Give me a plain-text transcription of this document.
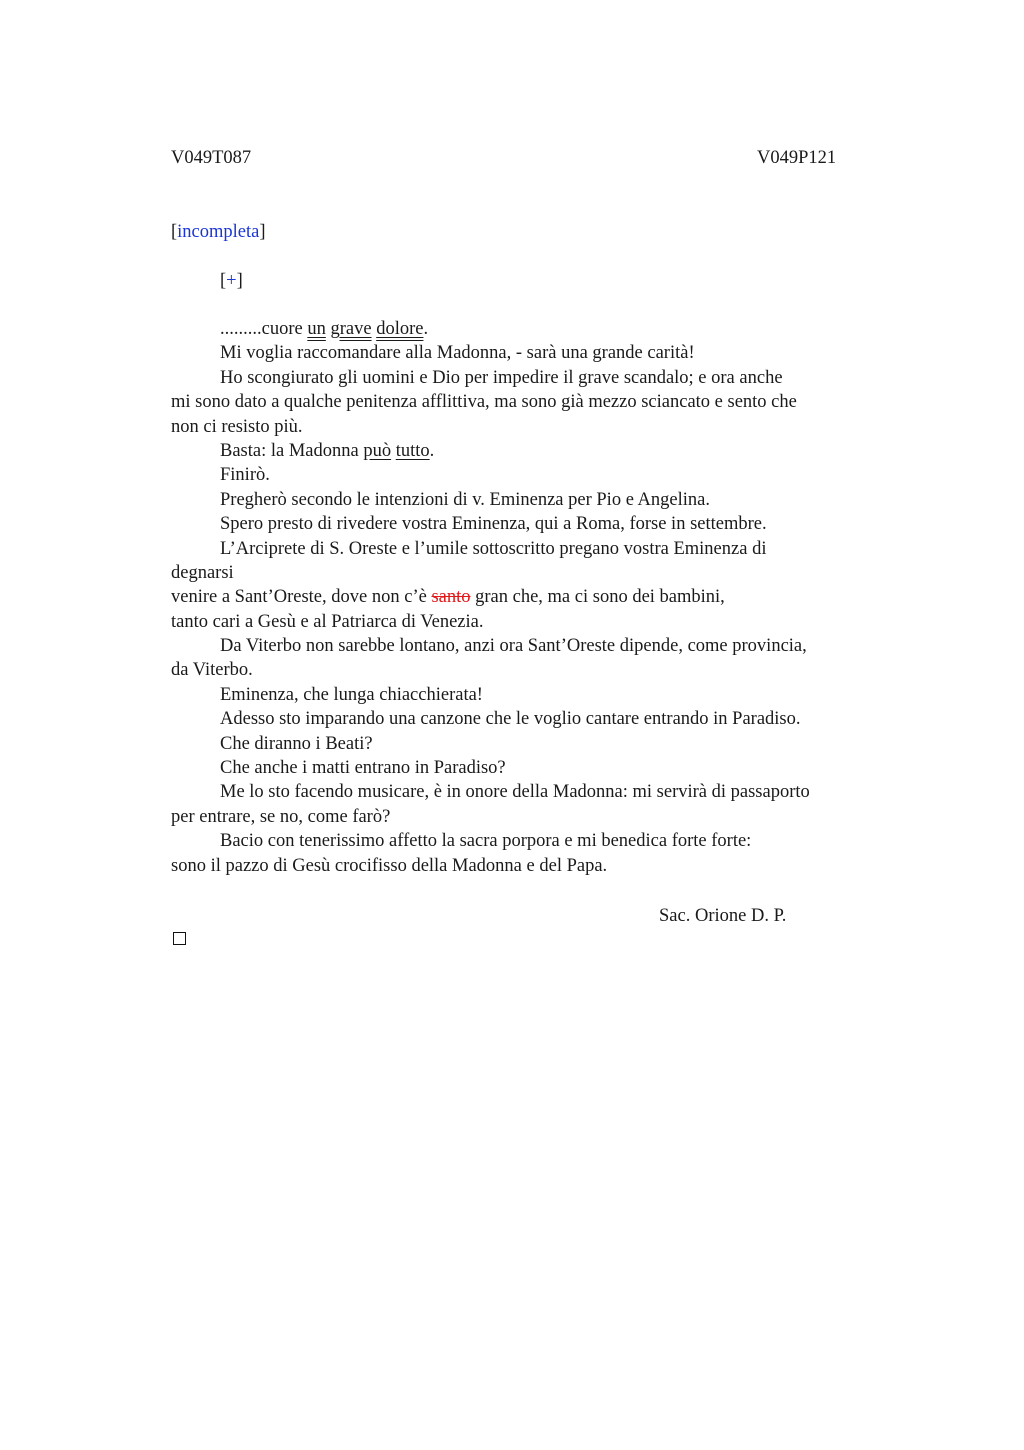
V049T087	V049P121
[incompleta]
[+]
.........cuore un grave dolore.
Mi voglia raccomandare alla Madonna, - sarà una grande carità!
Ho scongiurato gli uomini e Dio per impedire il grave scandalo; e ora anche
mi sono dato a qualche penitenza afflittiva, ma sono già mezzo sciancato e sento che
non ci resisto più.
Basta: la Madonna può tutto.
Finirò.
Pregherò secondo le intenzioni di v. Eminenza per Pio e Angelina.
Spero presto di rivedere vostra Eminenza, qui a Roma, forse in settembre.
L’Arciprete di S. Oreste e l’umile sottoscritto pregano vostra Eminenza di
degnarsi
venire a Sant’Oreste, dove non c’è santo gran che, ma ci sono dei bambini,
tanto cari a Gesù e al Patriarca di Venezia.
Da Viterbo non sarebbe lontano, anzi ora Sant’Oreste dipende, come provincia,
da Viterbo.
Eminenza, che lunga chiacchierata!
Adesso sto imparando una canzone che le voglio cantare entrando in Paradiso.
Che diranno i Beati?
Che anche i matti entrano in Paradiso?
Me lo sto facendo musicare, è in onore della Madonna: mi servirà di passaporto
per entrare, se no, come farò?
Bacio con tenerissimo affetto la sacra porpora e mi benedica forte forte:
sono il pazzo di Gesù crocifisso della Madonna e del Papa.
Sac. Orione D. P.
